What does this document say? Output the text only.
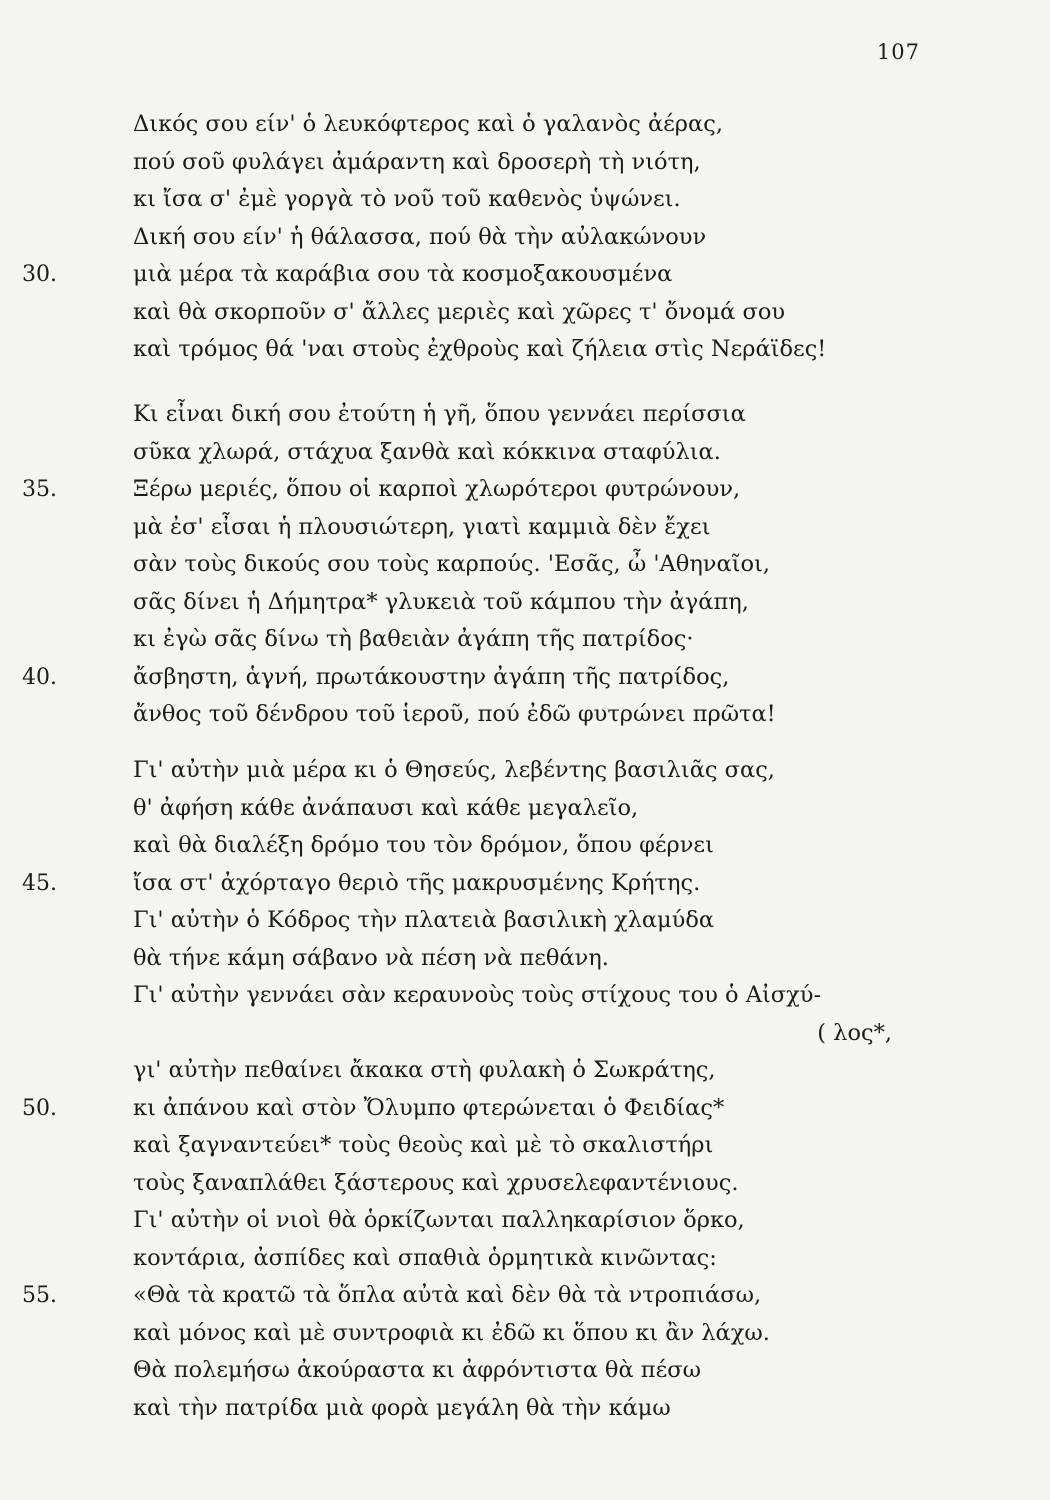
107
Δικός σου είν' ὁ λευκόφτερος καὶ ὁ γαλανὸς ἀέρας,
πού σοῦ φυλάγει ἀμάραντη καὶ δροσερὴ τὴ νιότη,
κι ἴσα σ' ἐμὲ γοργὰ τὸ νοῦ τοῦ καθενὸς ὑψώνει.
Δική σου είν' ἡ θάλασσα, πού θὰ τὴν αὐλακώνουν
30.	μιὰ μέρα τὰ καράβια σου τὰ κοσμοξακουσμένα
καὶ θὰ σκορποῦν σ' ἄλλες μεριὲς καὶ χῶρες τ' ὄνομά σου
καὶ τρόμος θά 'ναι στοὺς ἐχθροὺς καὶ ζήλεια στὶς Νεράϊδες!
Κι εἶναι δική σου ἐτούτη ἡ γῆ, ὅπου γεννάει περίσσια
σῦκα χλωρά, στάχυα ξανθὰ καὶ κόκκινα σταφύλια.
35.	Ξέρω μεριές, ὅπου οἱ καρποὶ χλωρότεροι φυτρώνουν,
μὰ ἐσ' εἶσαι ἡ πλουσιώτερη, γιατὶ καμμιὰ δὲν ἔχει
σὰν τοὺς δικούς σου τοὺς καρπούς. 'Εσᾶς, ὦ 'Αθηναῖοι,
σᾶς δίνει ἡ Δήμητρα* γλυκειὰ τοῦ κάμπου τὴν ἀγάπη,
κι ἐγὼ σᾶς δίνω τὴ βαθειὰν ἀγάπη τῆς πατρίδος·
40.	ἄσβηστη, ἁγνή, πρωτάκουστην ἀγάπη τῆς πατρίδος,
ἄνθος τοῦ δένδρου τοῦ ἱεροῦ, πού ἐδῶ φυτρώνει πρῶτα!
Γι' αὐτὴν μιὰ μέρα κι ὁ Θησεύς, λεβέντης βασιλιᾶς σας,
θ' ἀφήση κάθε ἀνάπαυσι καὶ κάθε μεγαλεῖο,
καὶ θὰ διαλέξη δρόμο του τὸν δρόμον, ὅπου φέρνει
45.	ἴσα στ' ἀχόρταγο θεριὸ τῆς μακρυσμένης Κρήτης.
Γι' αὐτὴν ὁ Κόδρος τὴν πλατειὰ βασιλικὴ χλαμύδα
θὰ τήνε κάμη σάβανο νὰ πέση νὰ πεθάνη.
Γι' αὐτὴν γεννάει σὰν κεραυνοὺς τοὺς στίχους του ὁ Αἰσχύ-
( λος*,
γι' αὐτὴν πεθαίνει ἄκακα στὴ φυλακὴ ὁ Σωκράτης,
50.	κι ἀπάνου καὶ στὸν Ὄλυμπο φτερώνεται ὁ Φειδίας*
καὶ ξαγναντεύει* τοὺς θεοὺς καὶ μὲ τὸ σκαλιστήρι
τοὺς ξαναπλάθει ξάστερους καὶ χρυσελεφαντένιους.
Γι' αὐτὴν οἱ νιοὶ θὰ ὁρκίζωνται παλληκαρίσιον ὅρκο,
κοντάρια, ἀσπίδες καὶ σπαθιὰ ὁρμητικὰ κινῶντας:
55.	«Θὰ τὰ κρατῶ τὰ ὅπλα αὐτὰ καὶ δὲν θὰ τὰ ντροπιάσω,
καὶ μόνος καὶ μὲ συντροφιὰ κι ἐδῶ κι ὅπου κι ἂν λάχω.
Θὰ πολεμήσω ἀκούραστα κι ἀφρόντιστα θὰ πέσω
καὶ τὴν πατρίδα μιὰ φορὰ μεγάλη θὰ τὴν κάμω
